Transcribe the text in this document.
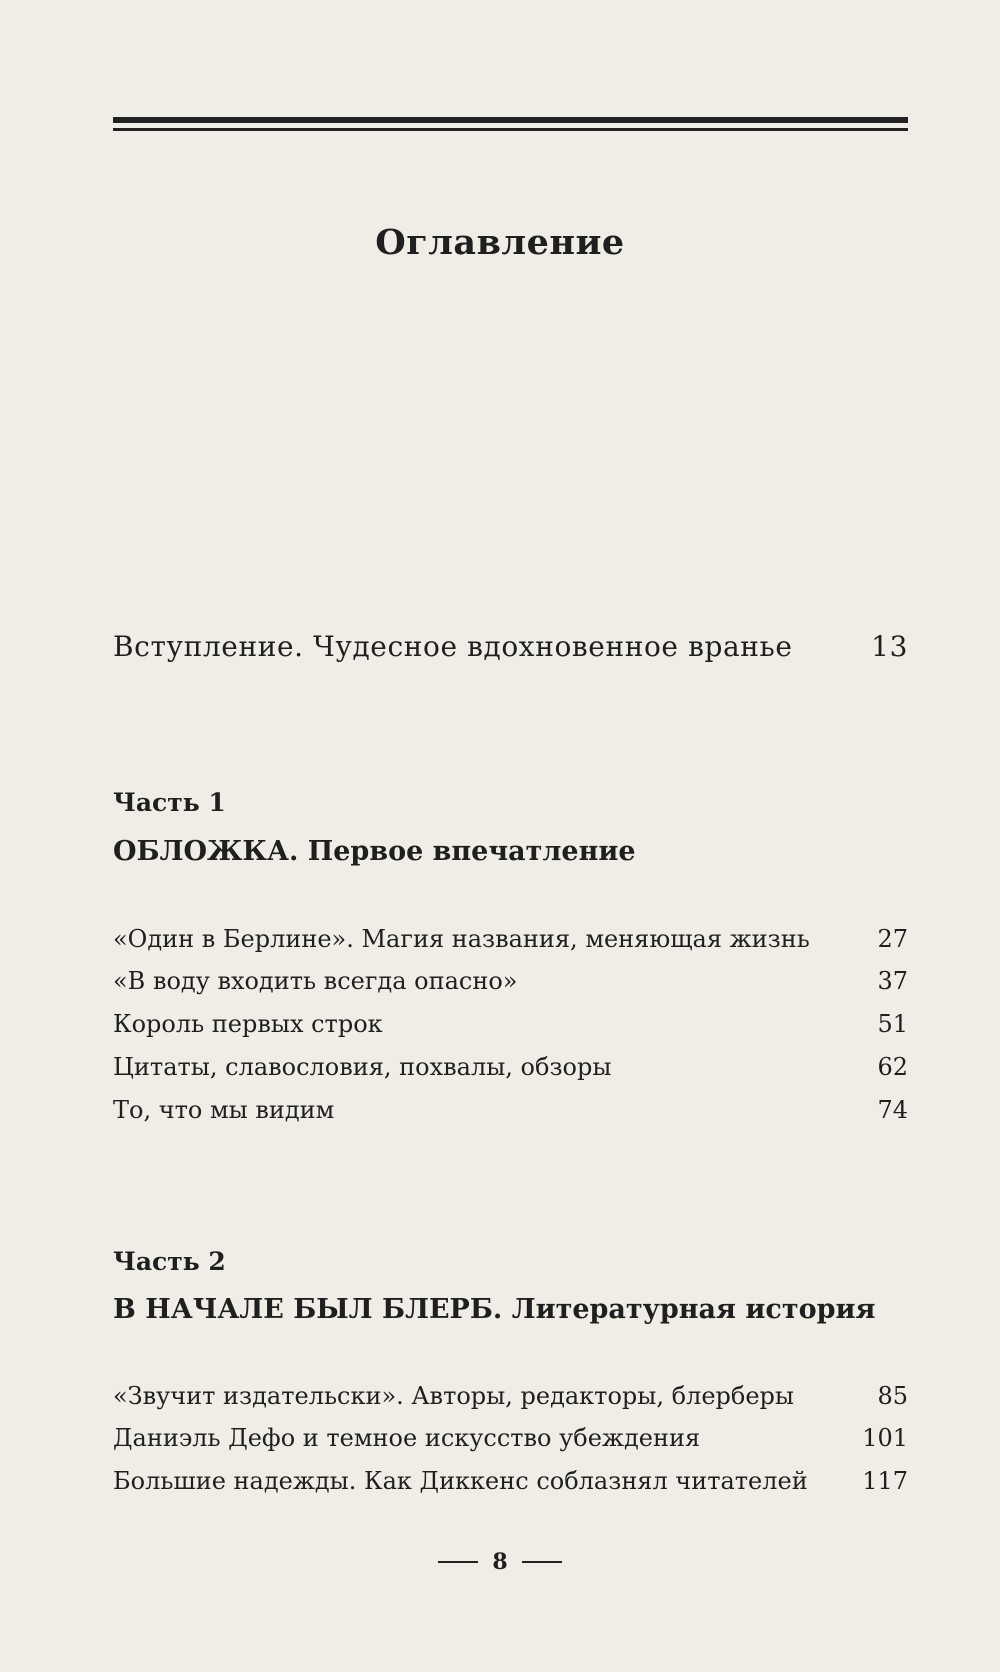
Оглавление
Вступление. Чудесное вдохновенное вранье	13
Часть 1
ОБЛОЖКА. Первое впечатление
«Один в Берлине». Магия названия, меняющая жизнь	27
«В воду входить всегда опасно»	37
Король первых строк	51
Цитаты, славословия, похвалы, обзоры	62
То, что мы видим	74
Часть 2
В НАЧАЛЕ БЫЛ БЛЕРБ. Литературная история
«Звучит издательски». Авторы, редакторы, блерберы	85
Даниэль Дефо и темное искусство убеждения	101
Большие надежды. Как Диккенс соблазнял читателей 117
8
